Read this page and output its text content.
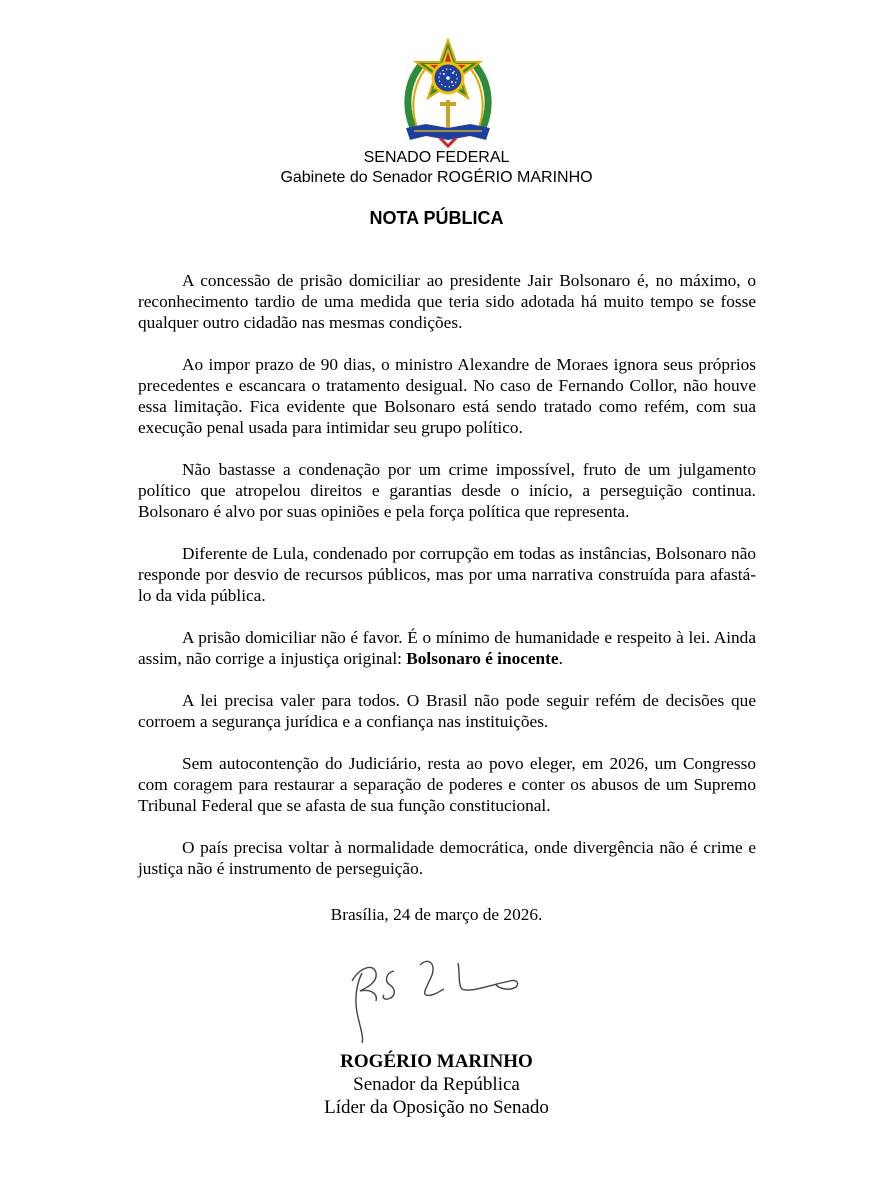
SENADO FEDERAL
Gabinete do Senador ROGÉRIO MARINHO
NOTA PÚBLICA

A concessão de prisão domiciliar ao presidente Jair Bolsonaro é, no máximo, o reconhecimento tardio de uma medida que teria sido adotada há muito tempo se fosse qualquer outro cidadão nas mesmas condições.

Ao impor prazo de 90 dias, o ministro Alexandre de Moraes ignora seus próprios precedentes e escancara o tratamento desigual. No caso de Fernando Collor, não houve essa limitação. Fica evidente que Bolsonaro está sendo tratado como refém, com sua execução penal usada para intimidar seu grupo político.

Não bastasse a condenação por um crime impossível, fruto de um julgamento político que atropelou direitos e garantias desde o início, a perseguição continua. Bolsonaro é alvo por suas opiniões e pela força política que representa.

Diferente de Lula, condenado por corrupção em todas as instâncias, Bolsonaro não responde por desvio de recursos públicos, mas por uma narrativa construída para afastá-lo da vida pública.

A prisão domiciliar não é favor. É o mínimo de humanidade e respeito à lei. Ainda assim, não corrige a injustiça original: Bolsonaro é inocente.

A lei precisa valer para todos. O Brasil não pode seguir refém de decisões que corroem a segurança jurídica e a confiança nas instituições.

Sem autocontenção do Judiciário, resta ao povo eleger, em 2026, um Congresso com coragem para restaurar a separação de poderes e conter os abusos de um Supremo Tribunal Federal que se afasta de sua função constitucional.

O país precisa voltar à normalidade democrática, onde divergência não é crime e justiça não é instrumento de perseguição.

Brasília, 24 de março de 2026.
ROGÉRIO MARINHO
Senador da República
Líder da Oposição no Senado
